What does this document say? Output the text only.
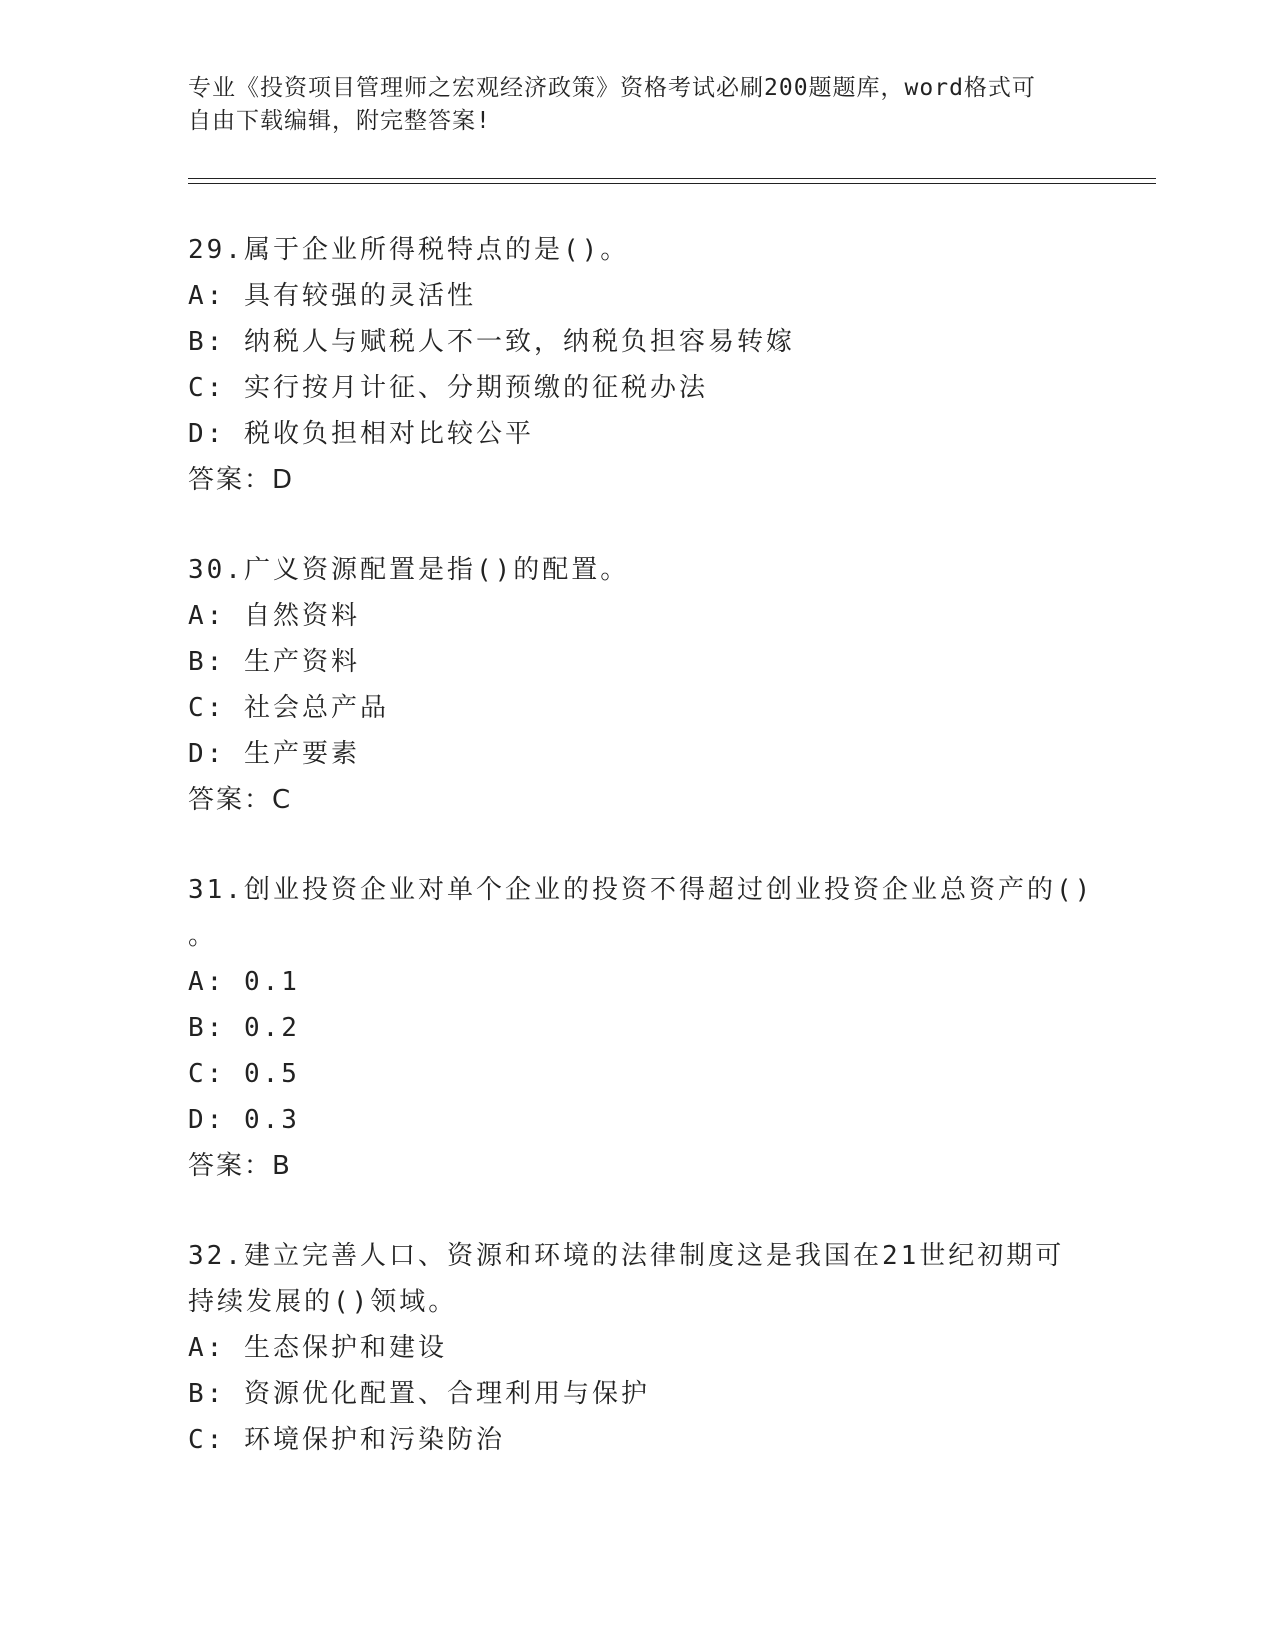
专业《投资项目管理师之宏观经济政策》资格考试必刷200题题库，word格式可
自由下载编辑，附完整答案!
29.属于企业所得税特点的是()。
A: 具有较强的灵活性
B: 纳税人与赋税人不一致，纳税负担容易转嫁
C: 实行按月计征、分期预缴的征税办法
D: 税收负担相对比较公平
答案：D
30.广义资源配置是指()的配置。
A: 自然资料
B: 生产资料
C: 社会总产品
D: 生产要素
答案：C
31.创业投资企业对单个企业的投资不得超过创业投资企业总资产的()
。
A: 0.1
B: 0.2
C: 0.5
D: 0.3
答案：B
32.建立完善人口、资源和环境的法律制度这是我国在21世纪初期可
持续发展的()领域。
A: 生态保护和建设
B: 资源优化配置、合理利用与保护
C: 环境保护和污染防治
